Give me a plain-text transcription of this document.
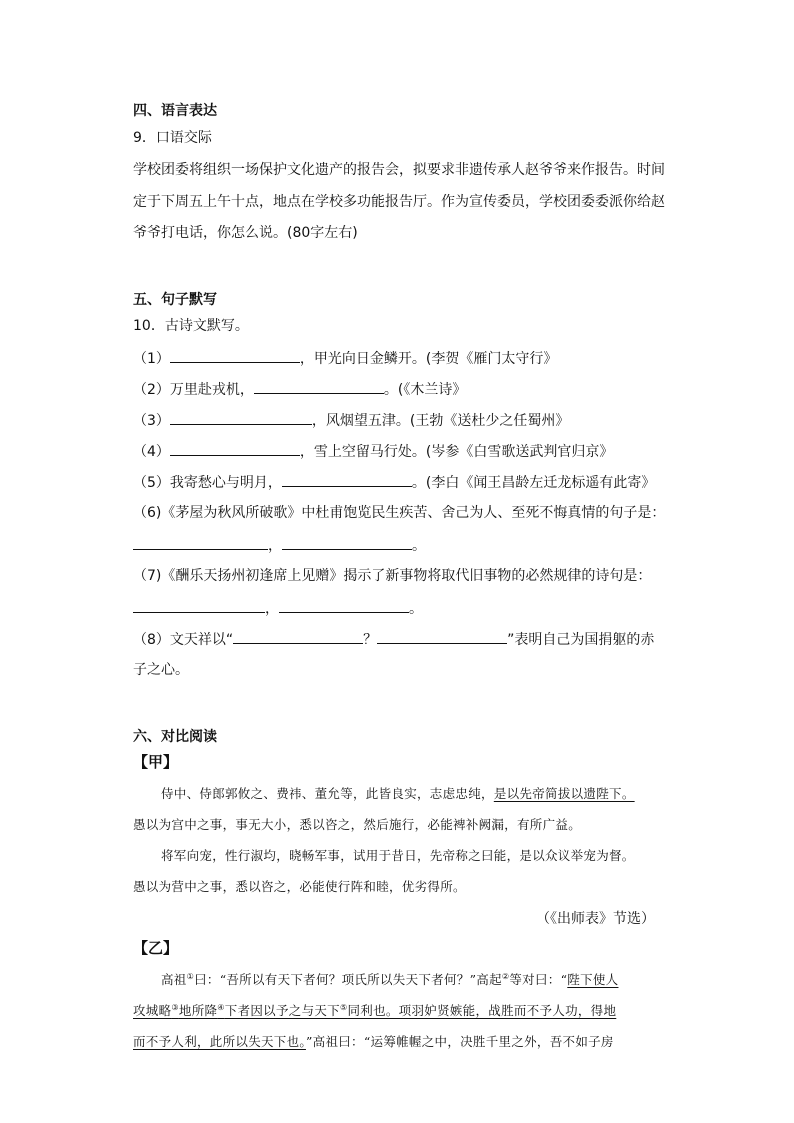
四、语言表达
9．口语交际
学校团委将组织一场保护文化遗产的报告会，拟要求非遗传承人赵爷爷来作报告。时间
定于下周五上午十点，地点在学校多功能报告厅。作为宣传委员，学校团委委派你给赵
爷爷打电话，你怎么说。(80字左右)
五、句子默写
10．古诗文默写。
（1）	，甲光向日金鳞开。(李贺《雁门太守行》
（2）万里赴戎机，	。(《木兰诗》
（3）	，风烟望五津。(王勃《送杜少之任蜀州》
（4）	，雪上空留马行处。(岑参《白雪歌送武判官归京》
（5）我寄愁心与明月，	。(李白《闻王昌龄左迁龙标遥有此寄》
（6)《茅屋为秋风所破歌》中杜甫饱览民生疾苦、舍己为人、至死不悔真情的句子是：
，	。
（7)《酬乐天扬州初逢席上见赠》揭示了新事物将取代旧事物的必然规律的诗句是：
，	。
（8）文天祥以“	？	”表明自己为国捐躯的赤
子之心。
六、对比阅读
【甲】
侍中、侍郎郭攸之、费祎、董允等，此皆良实，志虑忠纯，是以先帝简拔以遗陛下。
愚以为宫中之事，事无大小，悉以咨之，然后施行，必能裨补阙漏，有所广益。
将军向宠，性行淑均，晓畅军事，试用于昔日，先帝称之曰能，是以众议举宠为督。
愚以为营中之事，悉以咨之，必能使行阵和睦，优劣得所。
（《出师表》节选）
【乙】
高祖①曰：“吾所以有天下者何？项氏所以失天下者何？”高起②等对曰：“陛下使人
攻城略③地所降④下者因以予之与天下⑤同利也。项羽妒贤嫉能，战胜而不予人功，得地
而不予人利，此所以失天下也。”高祖曰：“运筹帷幄之中，决胜千里之外，吾不如子房
